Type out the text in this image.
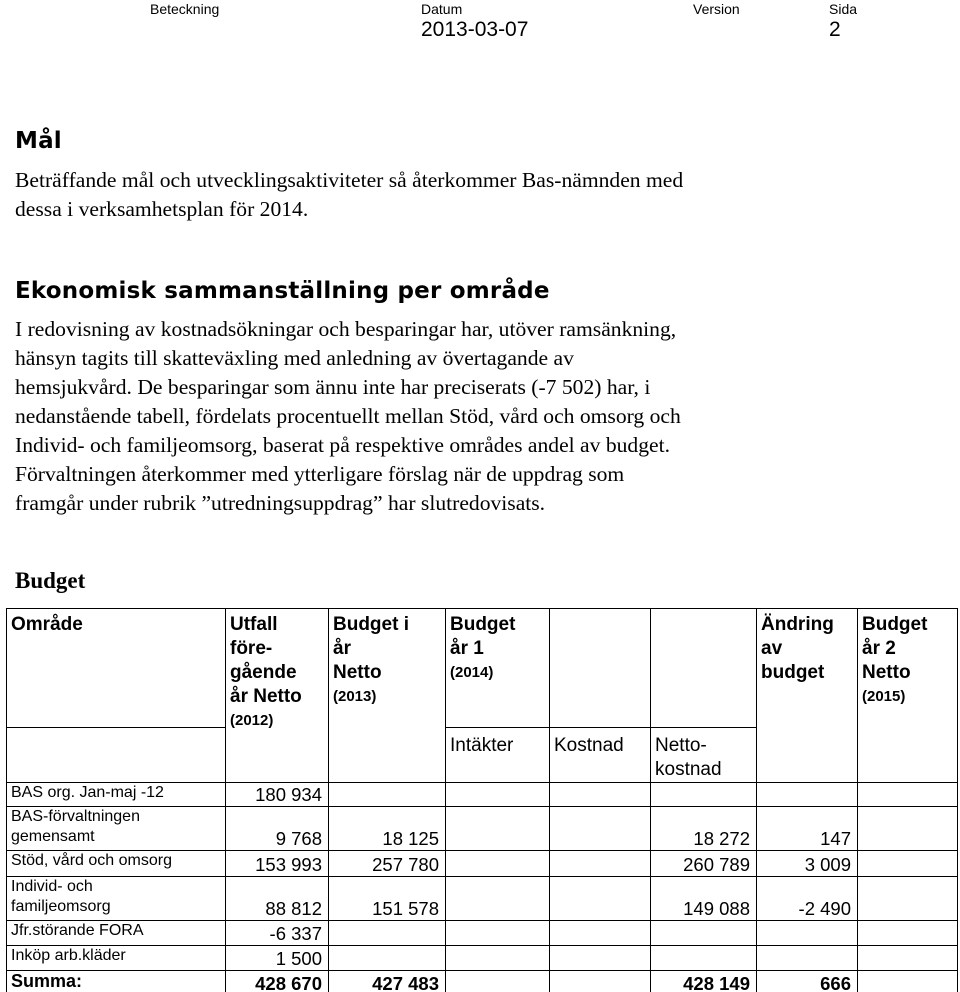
Beteckning	Datum	Version	Sida
2013-03-07	2
Mål
Beträffande mål och utvecklingsaktiviteter så återkommer Bas-nämnden med
dessa i verksamhetsplan för 2014.
Ekonomisk sammanställning per område
I redovisning av kostnadsökningar och besparingar har, utöver ramsänkning,
hänsyn tagits till skatteväxling med anledning av övertagande av
hemsjukvård. De besparingar som ännu inte har preciserats (-7 502) har, i
nedanstående tabell, fördelats procentuellt mellan Stöd, vård och omsorg och
Individ- och familjeomsorg, baserat på respektive områdes andel av budget.
Förvaltningen återkommer med ytterligare förslag när de uppdrag som
framgår under rubrik ”utredningsuppdrag” har slutredovisats.
Budget
Område	Utfall
före-
gående
år Netto
(2012)	Budget i
år
Netto
(2013)	Budget
år 1
(2014)			Ändring
av
budget	Budget
år 2
Netto
(2015)

			Intäkter	Kostnad	Netto-
kostnad		

BAS org. Jan-maj -12	180 934						
BAS-förvaltningen gemensamt	9 768	18 125			18 272	147	
Stöd, vård och omsorg	153 993	257 780			260 789	3 009	
Individ- och familjeomsorg	88 812	151 578			149 088	-2 490	
Jfr.störande FORA	-6 337						
Inköp arb.kläder	1 500						
Summa:	428 670	427 483			428 149	666	
